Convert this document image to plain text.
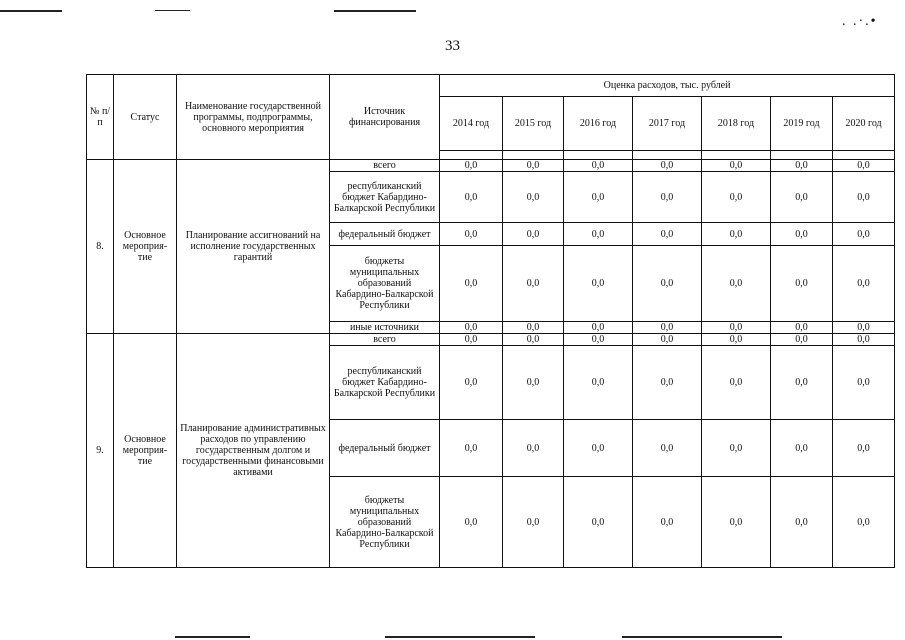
. .·.•
33
№ п/п	Статус	Наименование государственной программы, подпрограммы, основного мероприятия	Источник финансирования	Оценка расходов, тыс. рублей						
				2014 год	2015 год	2016 год	2017 год	2018 год	2019 год	2020 год

8.	Основное мероприя-тие	Планирование ассигнований на исполнение государственных гарантий	всего	0,0	0,0	0,0	0,0	0,0	0,0	0,0
			республиканский бюджет Кабардино-Балкарской Республики	0,0	0,0	0,0	0,0	0,0	0,0	0,0
			федеральный бюджет	0,0	0,0	0,0	0,0	0,0	0,0	0,0
			бюджеты муниципальных образований Кабардино-Балкарской Республики	0,0	0,0	0,0	0,0	0,0	0,0	0,0
			иные источники	0,0	0,0	0,0	0,0	0,0	0,0	0,0
9.	Основное мероприя-тие	Планирование административных расходов по управлению государственным долгом и государственными финансовыми активами	всего	0,0	0,0	0,0	0,0	0,0	0,0	0,0
			республиканский бюджет Кабардино-Балкарской Республики	0,0	0,0	0,0	0,0	0,0	0,0	0,0
			федеральный бюджет	0,0	0,0	0,0	0,0	0,0	0,0	0,0
			бюджеты муниципальных образований Кабардино-Балкарской Республики	0,0	0,0	0,0	0,0	0,0	0,0	0,0
